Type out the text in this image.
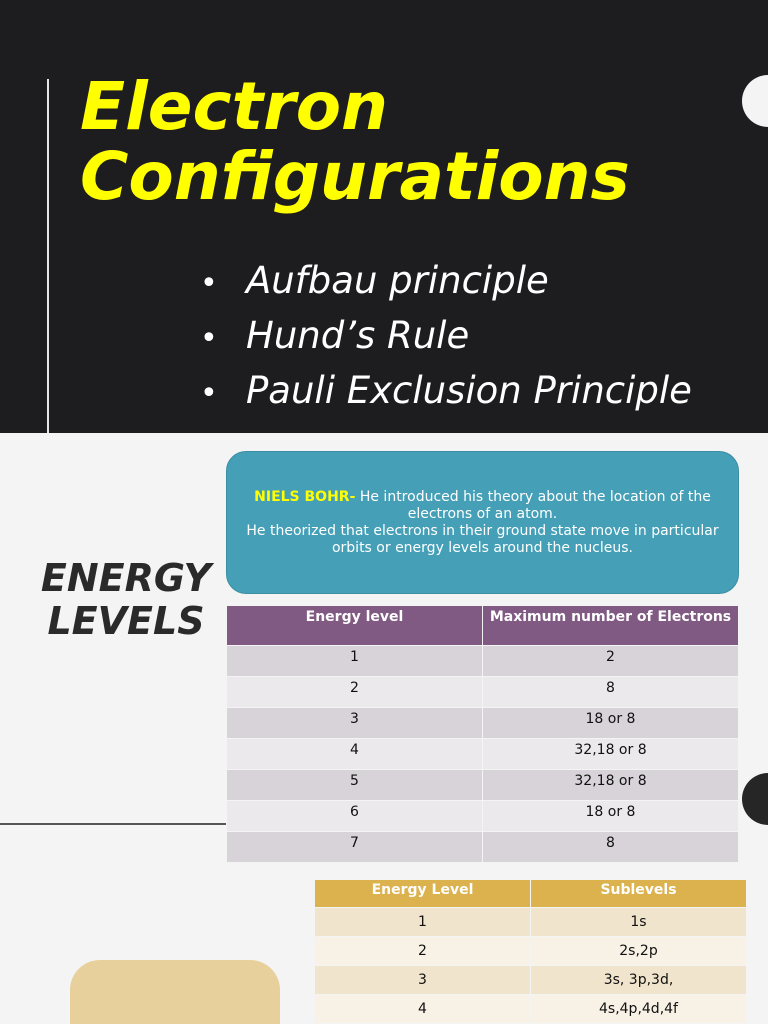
Electron
Configurations
• Aufbau principle
• Hund’s Rule
• Pauli Exclusion Principle
ENERGY
LEVELS
NIELS BOHR- He introduced his theory about the location of the electrons of an atom.
He theorized that electrons in their ground state move in particular orbits or energy levels around the nucleus.
Energy level	Maximum number of Electrons
1	2
2	8
3	18 or 8
4	32,18 or 8
5	32,18 or 8
6	18 or 8
7	8
Energy Level	Sublevels
1	1s
2	2s,2p
3	3s, 3p,3d,
4	4s,4p,4d,4f
